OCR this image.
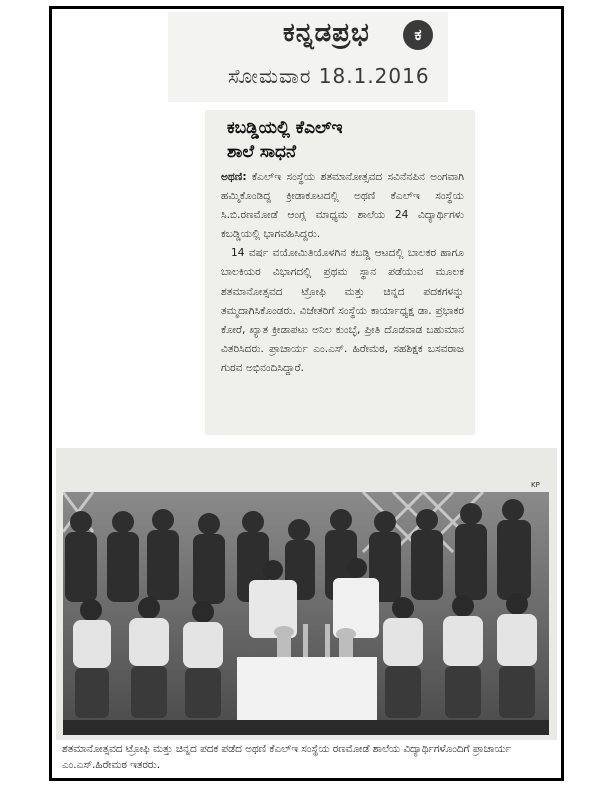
ಕನ್ನಡಪ್ರಭ	ಕ
ಸೋಮವಾರ 18.1.2016
ಕಬಡ್ಡಿಯಲ್ಲಿ ಕೆಎಲ್‌ಇ
ಶಾಲೆ ಸಾಧನೆ
ಅಥಣಿ: ಕೆಎಲ್‌ಇ ಸಂಸ್ಥೆಯ ಶತಮಾನೋತ್ಸವದ ಸವಿನೆನಪಿನ ಅಂಗವಾಗಿ ಹಮ್ಮಿಕೊಂಡಿದ್ದ ಕ್ರೀಡಾಕೂಟದಲ್ಲಿ ಅಥಣಿ ಕೆಎಲ್‌ಇ ಸಂಸ್ಥೆಯ ಸಿ.ಬಿ.ರಣಮೋಡೆ ಆಂಗ್ಲ ಮಾಧ್ಯಮ ಶಾಲೆಯ 24 ವಿದ್ಯಾರ್ಥಿಗಳು ಕಬಡ್ಡಿಯಲ್ಲಿ ಭಾಗವಹಿಸಿದ್ದರು.
14 ವರ್ಷ ವಯೋಮಿತಿಯೊಳಗಿನ ಕಬಡ್ಡಿ ಆಟದಲ್ಲಿ ಬಾಲಕರ ಹಾಗೂ ಬಾಲಕಿಯರ ವಿಭಾಗದಲ್ಲಿ ಪ್ರಥಮ ಸ್ಥಾನ ಪಡೆಯುವ ಮೂಲಕ ಶತಮಾನೋತ್ಸವದ ಟ್ರೋಫಿ ಮತ್ತು ಚಿನ್ನದ ಪದಕಗಳನ್ನು ತಮ್ಮದಾಗಿಸಿಕೊಂಡರು. ವಿಜೇತರಿಗೆ ಸಂಸ್ಥೆಯ ಕಾರ್ಯಾಧ್ಯಕ್ಷ ಡಾ. ಪ್ರಭಾಕರ ಕೋರೆ, ಖ್ಯಾತ ಕ್ರೀಡಾಪಟು ಅನಿಲ ಕುಂಬ್ಳೆ, ಪ್ರೀತಿ ದೊಡವಾಡ ಬಹುಮಾನ ವಿತರಿಸಿದರು. ಪ್ರಾಚಾರ್ಯ ಎಂ.ಎಸ್. ಹಿರೇಮಠ, ಸಹಶಿಕ್ಷಕ ಬಸವರಾಜ ಗುರವ ಅಭಿನಂದಿಸಿದ್ದಾರೆ.
KP
ಶತಮಾನೋತ್ಸವದ ಟ್ರೋಫಿ ಮತ್ತು ಚಿನ್ನದ ಪದಕ ಪಡೆದ ಅಥಣಿ ಕೆಎಲ್‌ಇ ಸಂಸ್ಥೆಯ ರಣಮೋಡೆ ಶಾಲೆಯ ವಿದ್ಯಾರ್ಥಿಗಳೊಂದಿಗೆ ಪ್ರಾಚಾರ್ಯ ಎಂ.ಎಸ್.ಹಿರೇಮಠ ಇತರರು.
